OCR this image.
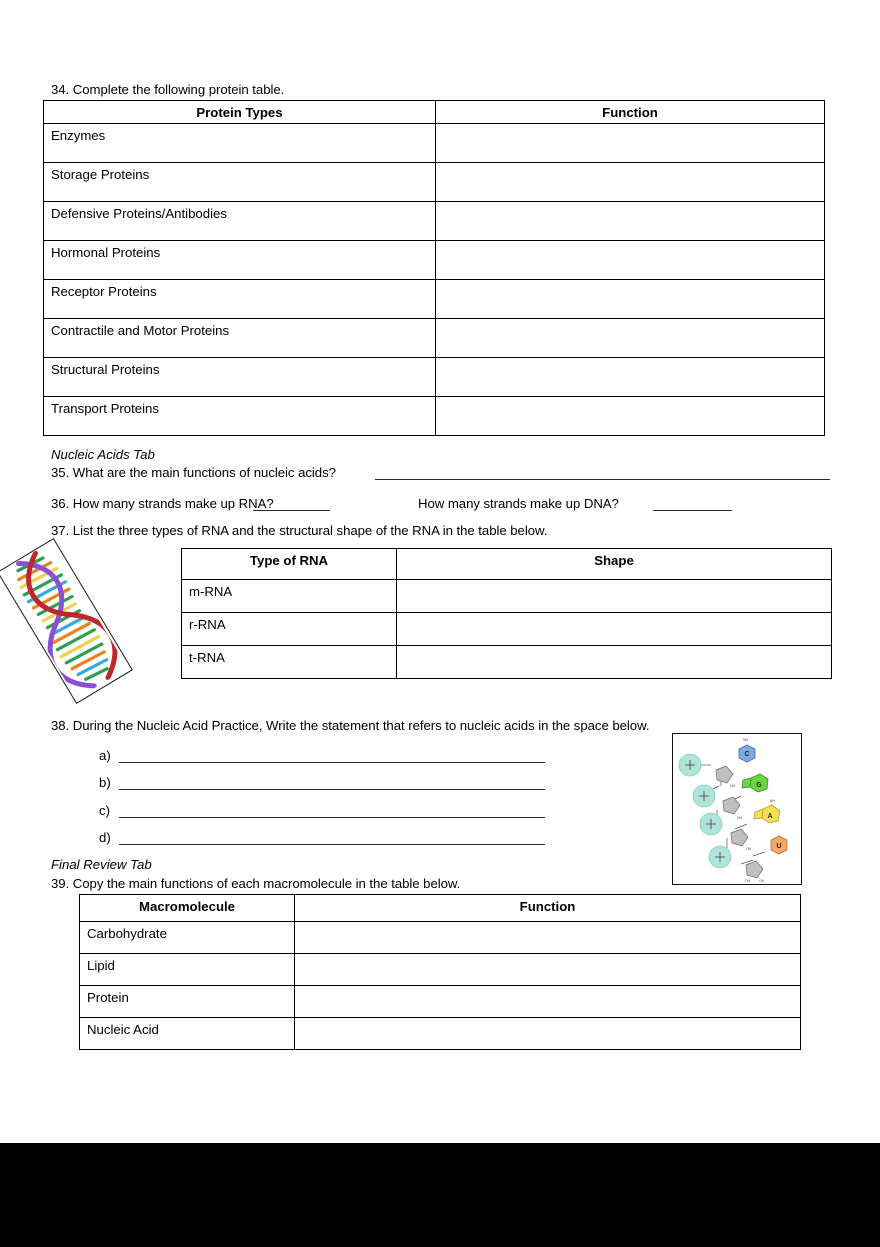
34. Complete the following protein table.
Protein Types	Function
Enzymes	
Storage Proteins	
Defensive Proteins/Antibodies	
Hormonal Proteins	
Receptor Proteins	
Contractile and Motor Proteins	
Structural Proteins	
Transport Proteins	
Nucleic Acids Tab
35. What are the main functions of nucleic acids?
36. How many strands make up RNA?	How many strands make up DNA?
37. List the three types of RNA and the structural shape of the RNA in the table below.
Type of RNA	Shape
m-RNA	
r-RNA	
t-RNA	
38. During the Nucleic Acid Practice, Write the statement that refers to nucleic acids in the space below.
a)
b)
c)
d)
C
G
A
U
NH
OH
OH
OH
OH	OH
NH
Final Review Tab
39. Copy the main functions of each macromolecule in the table below.
Macromolecule	Function
Carbohydrate	
Lipid	
Protein	
Nucleic Acid	
